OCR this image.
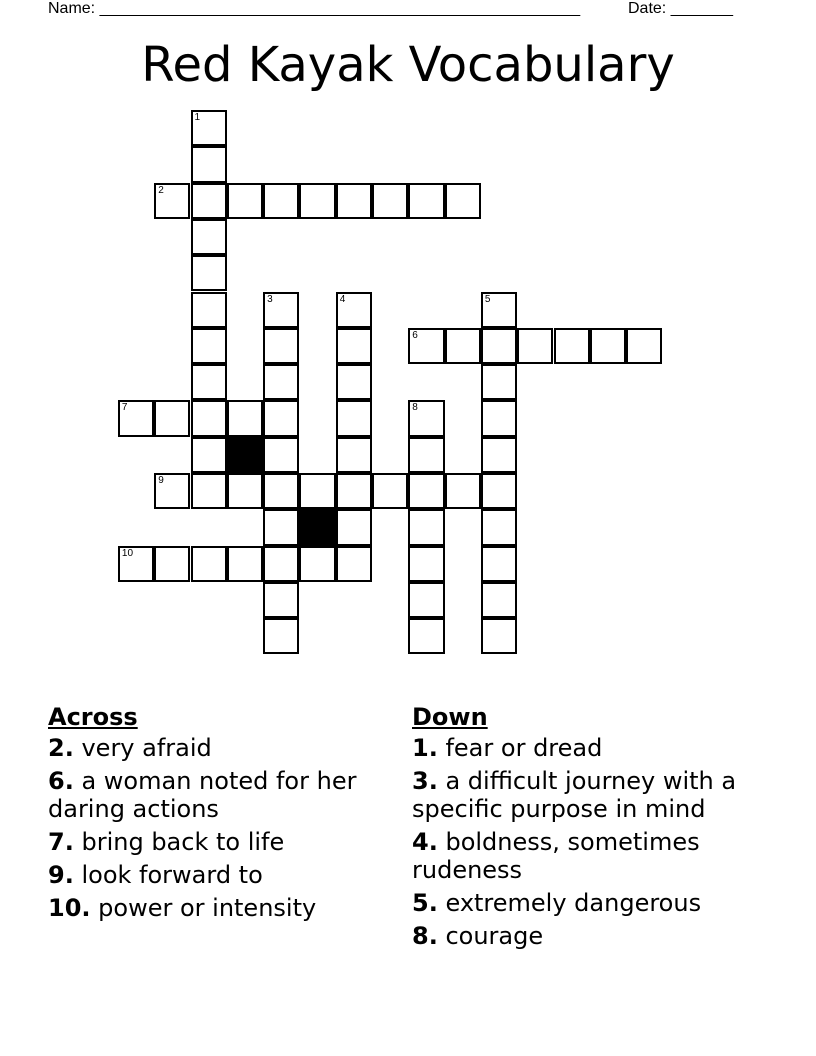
Name: ______________________________________________________	Date: _______
Red Kayak Vocabulary
1
2
3	4	5
6
7	8
9
10
Across
2. very afraid
6. a woman noted for her daring actions
7. bring back to life
9. look forward to
10. power or intensity
Down
1. fear or dread
3. a difficult journey with a specific purpose in mind
4. boldness, sometimes rudeness
5. extremely dangerous
8. courage
